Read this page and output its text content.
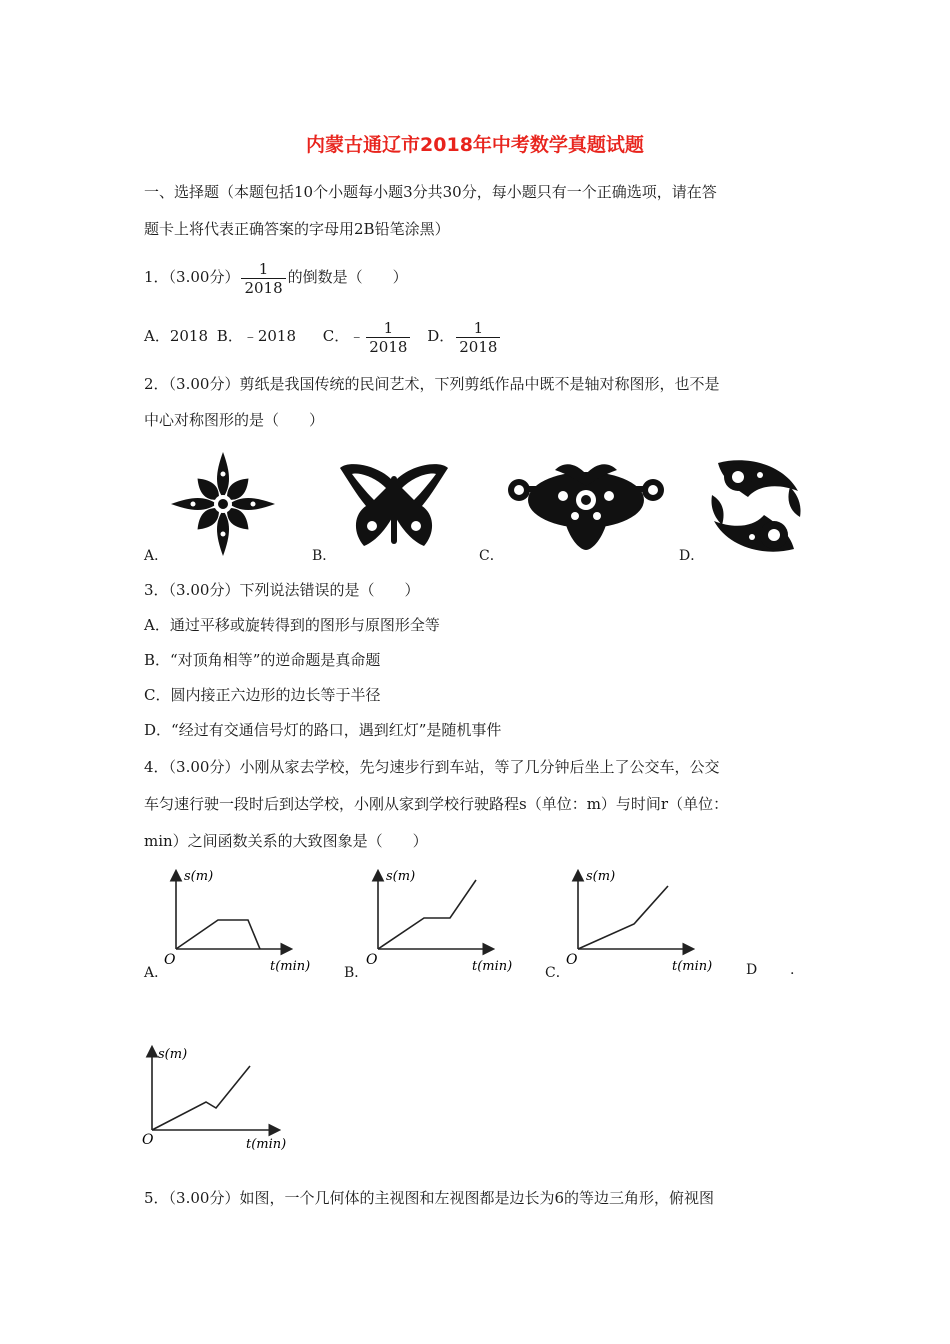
内蒙古通辽市2018年中考数学真题试题
一、选择题（本题包括10个小题每小题3分共30分，每小题只有一个正确选项，请在答
题卡上将代表正确答案的字母用2B铅笔涂黑）
1．（3.00分） $\frac{1}{2018}$ 的倒数是（　　）
A．2018 B．﹣2018 C．﹣ $\frac{1}{2018}$ D． $\frac{1}{2018}$
2．（3.00分）剪纸是我国传统的民间艺术，下列剪纸作品中既不是轴对称图形，也不是
中心对称图形的是（　　）
A．	B．	C．	D．
3．（3.00分）下列说法错误的是（　　）
A．通过平移或旋转得到的图形与原图形全等
B．“对顶角相等”的逆命题是真命题
C．圆内接正六边形的边长等于半径
D．“经过有交通信号灯的路口，遇到红灯”是随机事件
4．（3.00分）小刚从家去学校，先匀速步行到车站，等了几分钟后坐上了公交车，公交
车匀速行驶一段时后到达学校，小刚从家到学校行驶路程s（单位：m）与时间r（单位：
min）之间函数关系的大致图象是（　　）
s(m)
O	t(min)
s(m)
O	t(min)
s(m)
O	t(min)
A．	B．	C．	D .
s(m)
O	t(min)
5．（3.00分）如图，一个几何体的主视图和左视图都是边长为6的等边三角形，俯视图
